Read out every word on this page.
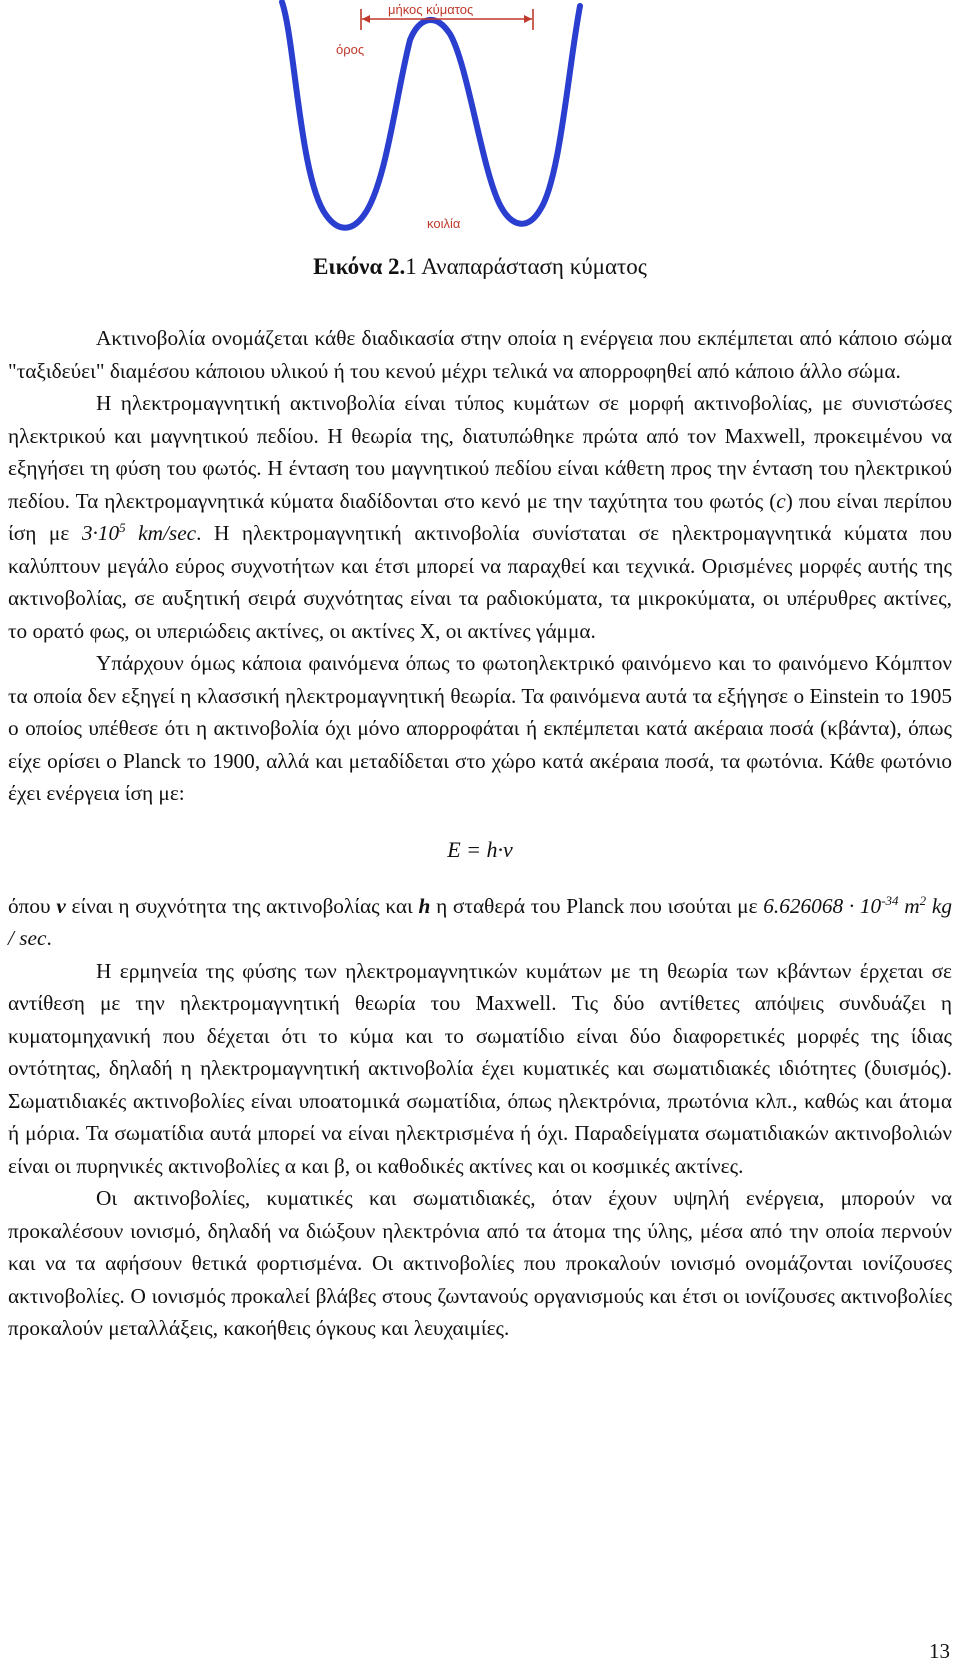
μήκος κύματος
όρος
κοιλία
Εικόνα 2.1 Αναπαράσταση κύματος

Ακτινοβολία ονομάζεται κάθε διαδικασία στην οποία η ενέργεια που εκπέμπεται από κάποιο σώμα "ταξιδεύει" διαμέσου κάποιου υλικού ή του κενού μέχρι τελικά να απορροφηθεί από κάποιο άλλο σώμα.

Η ηλεκτρομαγνητική ακτινοβολία είναι τύπος κυμάτων σε μορφή ακτινοβολίας, με συνιστώσες ηλεκτρικού και μαγνητικού πεδίου. Η θεωρία της, διατυπώθηκε πρώτα από τον Maxwell, προκειμένου να εξηγήσει τη φύση του φωτός. Η ένταση του μαγνητικού πεδίου είναι κάθετη προς την ένταση του ηλεκτρικού πεδίου. Τα ηλεκτρομαγνητικά κύματα διαδίδονται στο κενό με την ταχύτητα του φωτός (c) που είναι περίπου ίση με $3\cdot 10^5$ km/sec. Η ηλεκτρομαγνητική ακτινοβολία συνίσταται σε ηλεκτρομαγνητικά κύματα που καλύπτουν μεγάλο εύρος συχνοτήτων και έτσι μπορεί να παραχθεί και τεχνικά. Ορισμένες μορφές αυτής της ακτινοβολίας, σε αυξητική σειρά συχνότητας είναι τα ραδιοκύματα, τα μικροκύματα, οι υπέρυθρες ακτίνες, το ορατό φως, οι υπεριώδεις ακτίνες, οι ακτίνες Χ, οι ακτίνες γάμμα.

Υπάρχουν όμως κάποια φαινόμενα όπως το φωτοηλεκτρικό φαινόμενο και το φαινόμενο Κόμπτον τα οποία δεν εξηγεί η κλασσική ηλεκτρομαγνητική θεωρία. Τα φαινόμενα αυτά τα εξήγησε ο Einstein το 1905 ο οποίος υπέθεσε ότι η ακτινοβολία όχι μόνο απορροφάται ή εκπέμπεται κατά ακέραια ποσά (κβάντα), όπως είχε ορίσει ο Planck το 1900, αλλά και μεταδίδεται στο χώρο κατά ακέραια ποσά, τα φωτόνια. Κάθε φωτόνιο έχει ενέργεια ίση με:

E = h·v

όπου v είναι η συχνότητα της ακτινοβολίας και h η σταθερά του Planck που ισούται με $6.626068 \cdot 10^{-34}$ $m^2$ kg / sec.

Η ερμηνεία της φύσης των ηλεκτρομαγνητικών κυμάτων με τη θεωρία των κβάντων έρχεται σε αντίθεση με την ηλεκτρομαγνητική θεωρία του Maxwell. Τις δύο αντίθετες απόψεις συνδυάζει η κυματομηχανική που δέχεται ότι το κύμα και το σωματίδιο είναι δύο διαφορετικές μορφές της ίδιας οντότητας, δηλαδή η ηλεκτρομαγνητική ακτινοβολία έχει κυματικές και σωματιδιακές ιδιότητες (δυισμός). Σωματιδιακές ακτινοβολίες είναι υποατομικά σωματίδια, όπως ηλεκτρόνια, πρωτόνια κλπ., καθώς και άτομα ή μόρια. Τα σωματίδια αυτά μπορεί να είναι ηλεκτρισμένα ή όχι. Παραδείγματα σωματιδιακών ακτινοβολιών είναι οι πυρηνικές ακτινοβολίες α και β, οι καθοδικές ακτίνες και οι κοσμικές ακτίνες.

Οι ακτινοβολίες, κυματικές και σωματιδιακές, όταν έχουν υψηλή ενέργεια, μπορούν να προκαλέσουν ιονισμό, δηλαδή να διώξουν ηλεκτρόνια από τα άτομα της ύλης, μέσα από την οποία περνούν και να τα αφήσουν θετικά φορτισμένα. Οι ακτινοβολίες που προκαλούν ιονισμό ονομάζονται ιονίζουσες ακτινοβολίες. Ο ιονισμός προκαλεί βλάβες στους ζωντανούς οργανισμούς και έτσι οι ιονίζουσες ακτινοβολίες προκαλούν μεταλλάξεις, κακοήθεις όγκους και λευχαιμίες.

13
